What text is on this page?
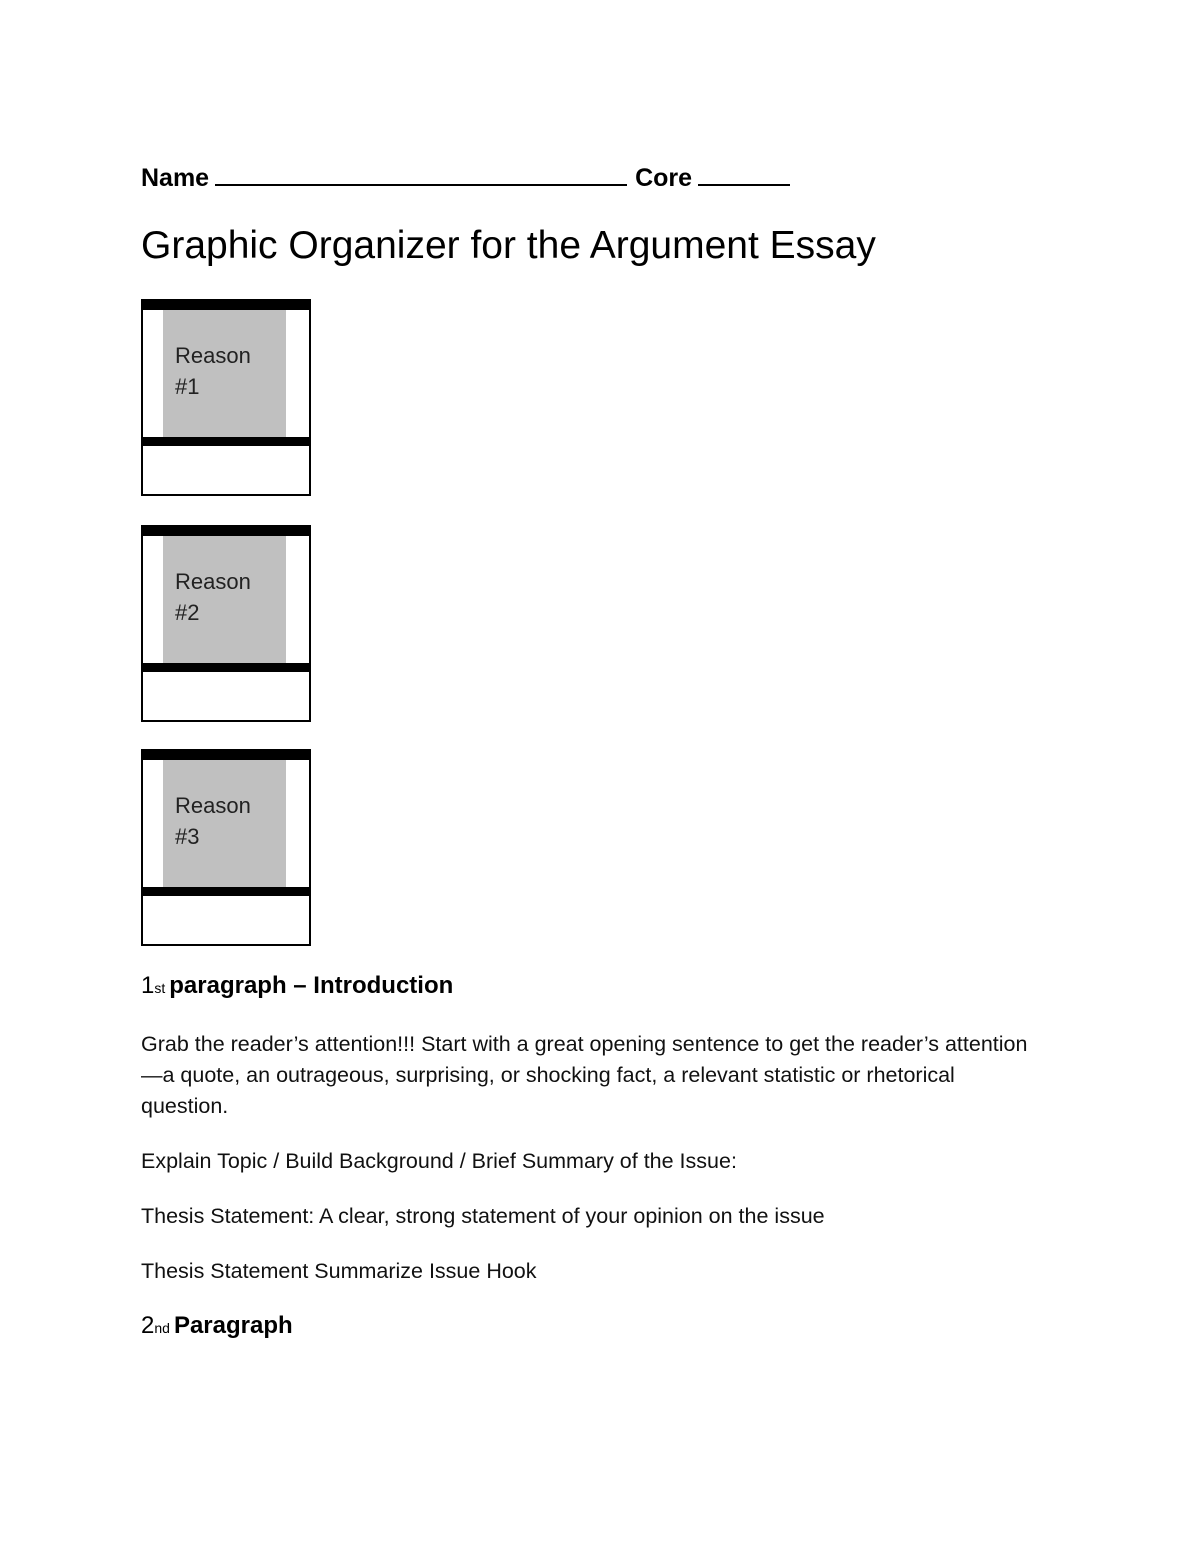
Name	Core
Graphic Organizer for the Argument Essay
Reason
#1
Reason
#2
Reason
#3
1st paragraph – Introduction

Grab the reader’s attention!!! Start with a great opening sentence to get the reader’s attention—a quote, an outrageous, surprising, or shocking fact, a relevant statistic or rhetorical question.

Explain Topic / Build Background / Brief Summary of the Issue:

Thesis Statement: A clear, strong statement of your opinion on the issue

Thesis Statement Summarize Issue Hook

2nd Paragraph
